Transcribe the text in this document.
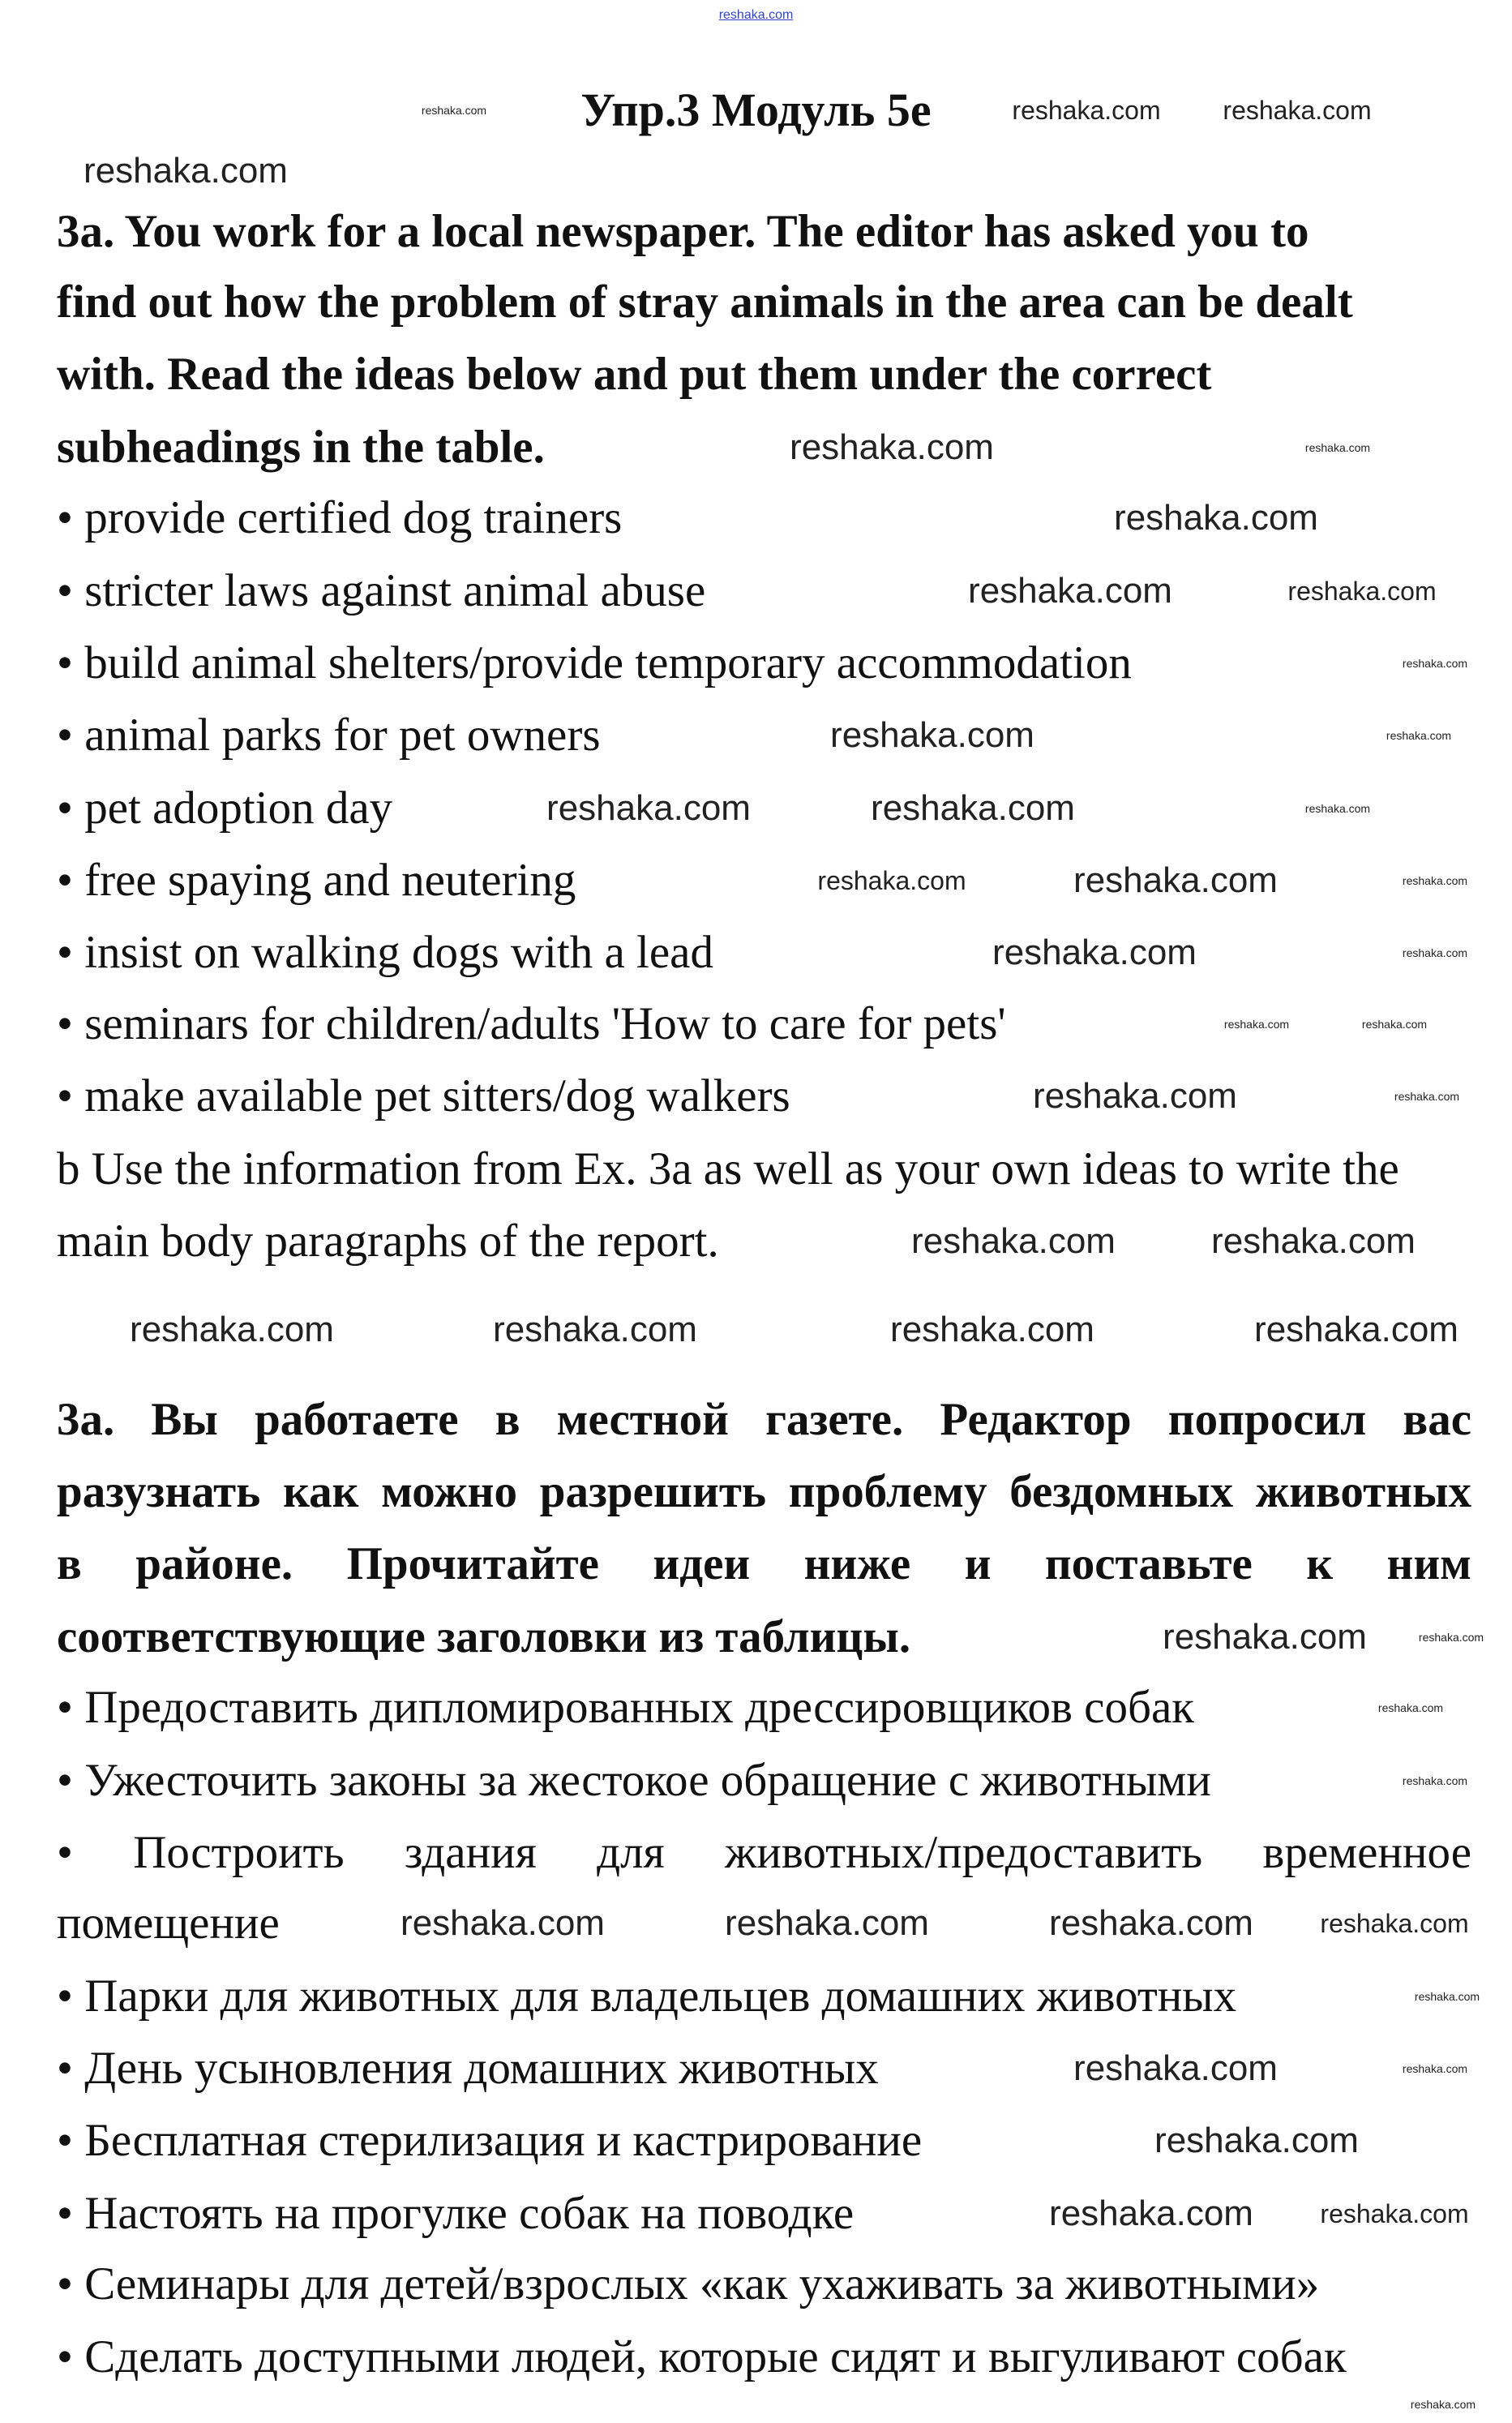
reshaka.com
Упр.3 Модуль 5е
3a. You work for a local newspaper. The editor has asked you to
find out how the problem of stray animals in the area can be dealt
with. Read the ideas below and put them under the correct
subheadings in the table.
• provide certified dog trainers
• stricter laws against animal abuse
• build animal shelters/provide temporary accommodation
• animal parks for pet owners
• pet adoption day
• free spaying and neutering
• insist on walking dogs with a lead
• seminars for children/adults 'How to care for pets'
• make available pet sitters/dog walkers
b Use the information from Ex. 3a as well as your own ideas to write the
main body paragraphs of the report.
3а. Вы работаете в местной газете. Редактор попросил вас
разузнать как можно разрешить проблему бездомных животных
в районе. Прочитайте идеи ниже и поставьте к ним
соответствующие заголовки из таблицы.
• Предоставить дипломированных дрессировщиков собак
• Ужесточить законы за жестокое обращение с животными
• Построить здания для животных/предоставить временное
помещение
• Парки для животных для владельцев домашних животных
• День усыновления домашних животных
• Бесплатная стерилизация и кастрирование
• Настоять на прогулке собак на поводке
• Семинары для детей/взрослых «как ухаживать за животными»
• Сделать доступными людей, которые сидят и выгуливают собак
reshaka.com	reshaka.com reshaka.com
reshaka.com
reshaka.com	reshaka.com
reshaka.com
reshaka.com	reshaka.com
reshaka.com
reshaka.com	reshaka.com
reshaka.com	reshaka.com	reshaka.com
reshaka.com	reshaka.com	reshaka.com
reshaka.com	reshaka.com
reshaka.com	reshaka.com
reshaka.com	reshaka.com
reshaka.com	reshaka.com
reshaka.com	reshaka.com	reshaka.com	reshaka.com
reshaka.com	reshaka.com
reshaka.com
reshaka.com
reshaka.com	reshaka.com	reshaka.com	reshaka.com
reshaka.com
reshaka.com	reshaka.com
reshaka.com
reshaka.com	reshaka.com
reshaka.com
